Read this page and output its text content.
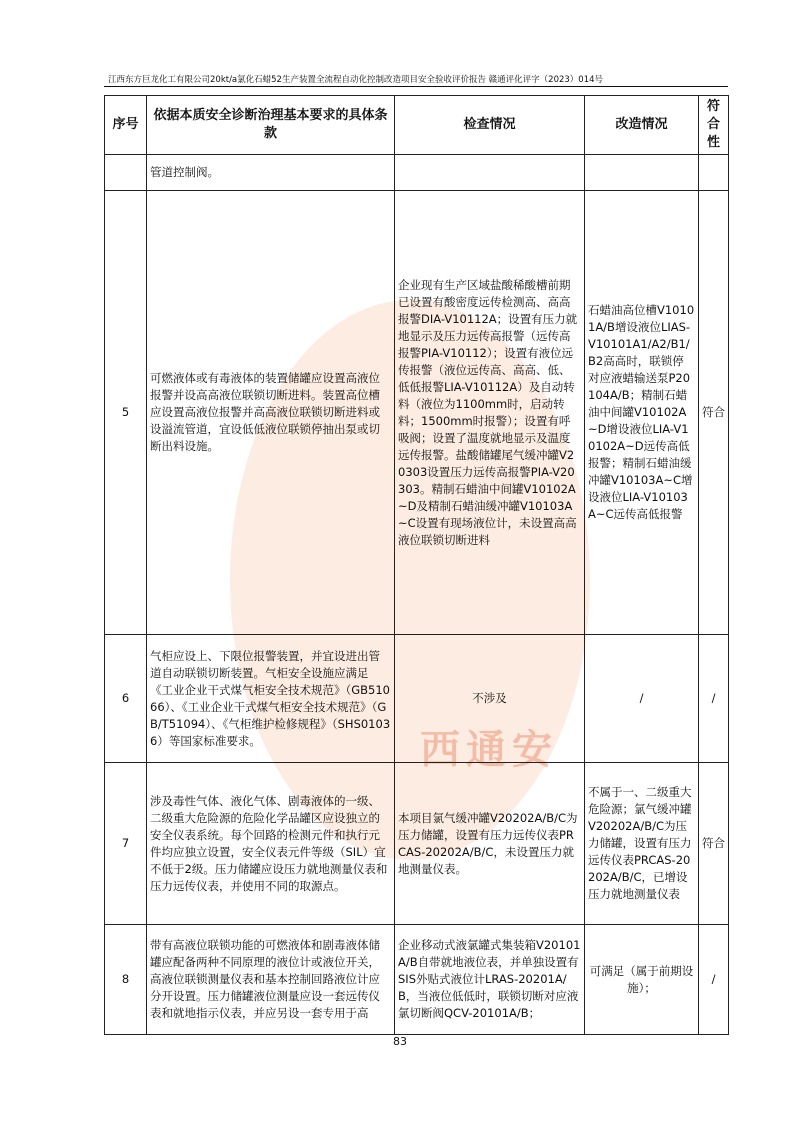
西通安
江西东方巨龙化工有限公司20kt/a氯化石蜡52生产装置全流程自动化控制改造项目安全验收评价报告 赣通评化评字（2023）014号
序号	依据本质安全诊断治理基本要求的具体条款	检查情况	改造情况	符合性
	管道控制阀。			
5	可燃液体或有毒液体的装置储罐应设置高液位报警并设高高液位联锁切断进料。装置高位槽应设置高液位报警并高高液位联锁切断进料或设溢流管道，宜设低低液位联锁停抽出泵或切断出料设施。	企业现有生产区域盐酸稀酸槽前期已设置有酸密度远传检测高、高高报警DIA-V10112A；设置有压力就地显示及压力远传高报警（远传高报警PIA-V10112）；设置有液位远传报警（液位远传高、高高、低、低低报警LIA-V10112A）及自动转料（液位为1100mm时，启动转料；1500mm时报警）；设置有呼吸阀；设置了温度就地显示及温度远传报警。盐酸储罐尾气缓冲罐V20303设置压力远传高报警PIA-V20303。精制石蜡油中间罐V10102A~D及精制石蜡油缓冲罐V10103A~C设置有现场液位计，未设置高高液位联锁切断进料	石蜡油高位槽V10101A/B增设液位LIAS-V10101A1/A2/B1/B2高高时，联锁停对应液蜡输送泵P20104A/B；精制石蜡油中间罐V10102A~D增设液位LIA-V10102A~D远传高低报警；精制石蜡油缓冲罐V10103A~C增设液位LIA-V10103A~C远传高低报警	符合
6	气柜应设上、下限位报警装置，并宜设进出管道自动联锁切断装置。气柜安全设施应满足《工业企业干式煤气柜安全技术规范》（GB51066）、《工业企业干式煤气柜安全技术规范》（GB/T51094）、《气柜维护检修规程》（SHS01036）等国家标准要求。	不涉及	/	/
7	涉及毒性气体、液化气体、剧毒液体的一级、二级重大危险源的危险化学品罐区应设独立的安全仪表系统。每个回路的检测元件和执行元件均应独立设置，安全仪表元件等级（SIL）宜不低于2级。压力储罐应设压力就地测量仪表和压力远传仪表，并使用不同的取源点。	本项目氯气缓冲罐V20202A/B/C为压力储罐，设置有压力远传仪表PRCAS-20202A/B/C，未设置压力就地测量仪表。	不属于一、二级重大危险源；氯气缓冲罐V20202A/B/C为压力储罐，设置有压力远传仪表PRCAS-20202A/B/C，已增设压力就地测量仪表	符合
8	带有高液位联锁功能的可燃液体和剧毒液体储罐应配备两种不同原理的液位计或液位开关，高液位联锁测量仪表和基本控制回路液位计应分开设置。压力储罐液位测量应设一套远传仪表和就地指示仪表，并应另设一套专用于高	企业移动式液氯罐式集装箱V20101A/B自带就地液位表，并单独设置有SIS外贴式液位计LRAS-20201A/B，当液位低低时，联锁切断对应液氯切断阀QCV-20101A/B；	可满足（属于前期设施）；	/
83
